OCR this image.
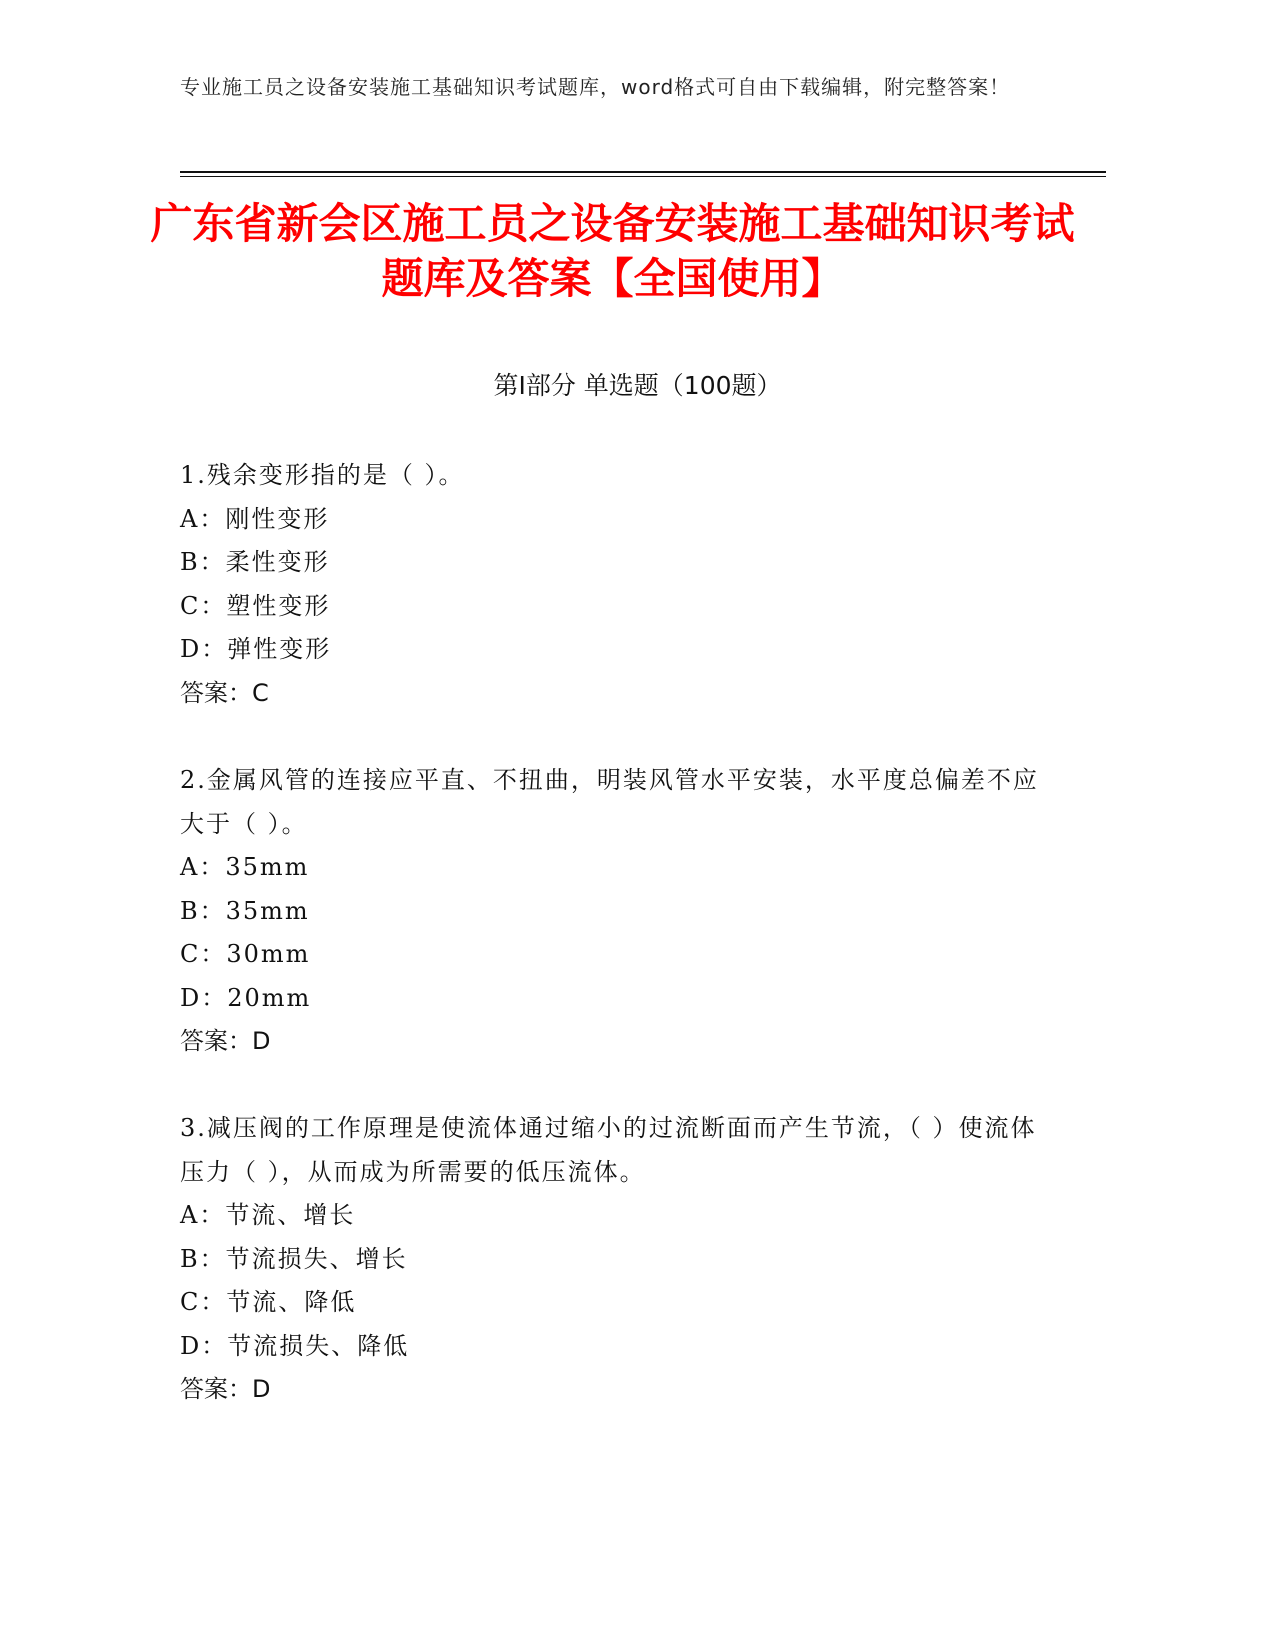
专业施工员之设备安装施工基础知识考试题库，word格式可自由下载编辑，附完整答案！
广东省新会区施工员之设备安装施工基础知识考试题库及答案【全国使用】
第Ⅰ部分 单选题（100题）
1.残余变形指的是（ ）。
A：刚性变形
B：柔性变形
C：塑性变形
D：弹性变形
答案：C
2.金属风管的连接应平直、不扭曲，明装风管水平安装，水平度总偏差不应大于（ ）。
A：35mm
B：35mm
C：30mm
D：20mm
答案：D
3.减压阀的工作原理是使流体通过缩小的过流断面而产生节流，（ ）使流体压力（ ），从而成为所需要的低压流体。
A：节流、增长
B：节流损失、增长
C：节流、降低
D：节流损失、降低
答案：D
